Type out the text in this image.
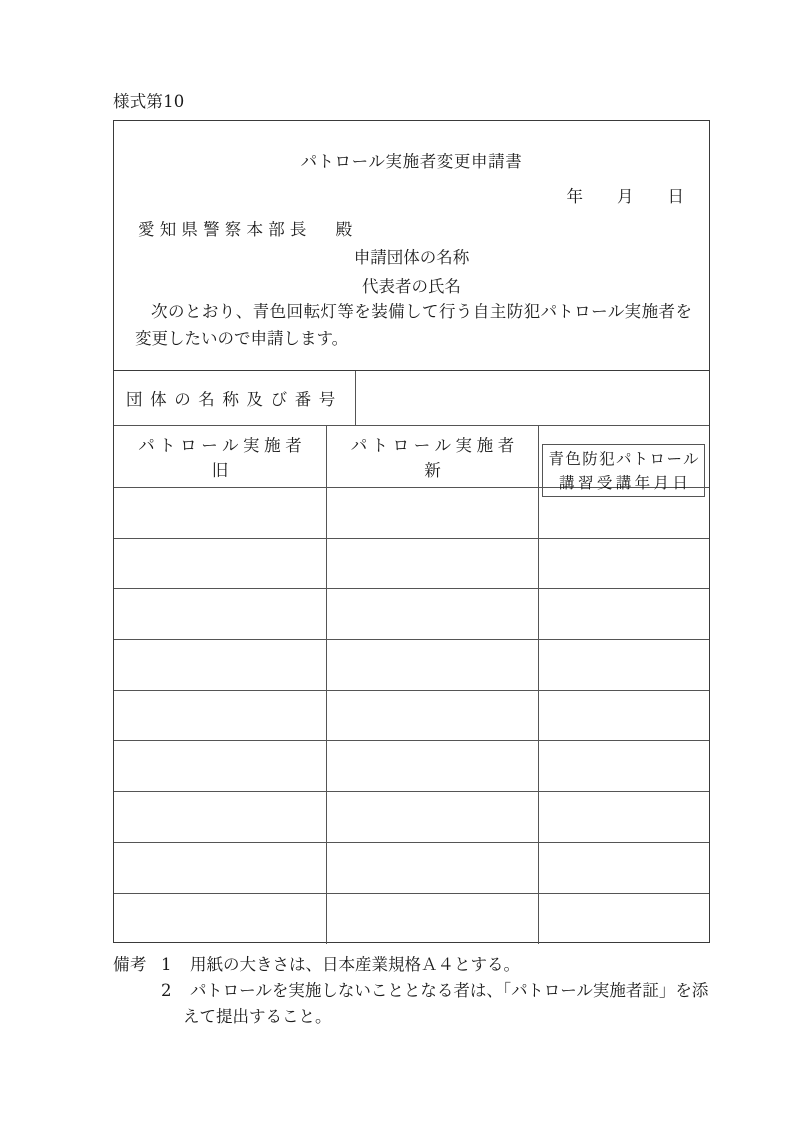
様式第10
パトロール実施者変更申請書
年 月 日
愛知県警察本部長 殿
申請団体の名称
代表者の氏名
次のとおり、青色回転灯等を装備して行う自主防犯パトロール実施者を変更したいので申請します。
団体の名称及び番号
パトロール実施者
旧
パトロール実施者
新
青色防犯パトロール
講習受講年月日
備考 1 用紙の大きさは、日本産業規格Ａ４とする。
2 パトロールを実施しないこととなる者は、「パトロール実施者証」を添
えて提出すること。
